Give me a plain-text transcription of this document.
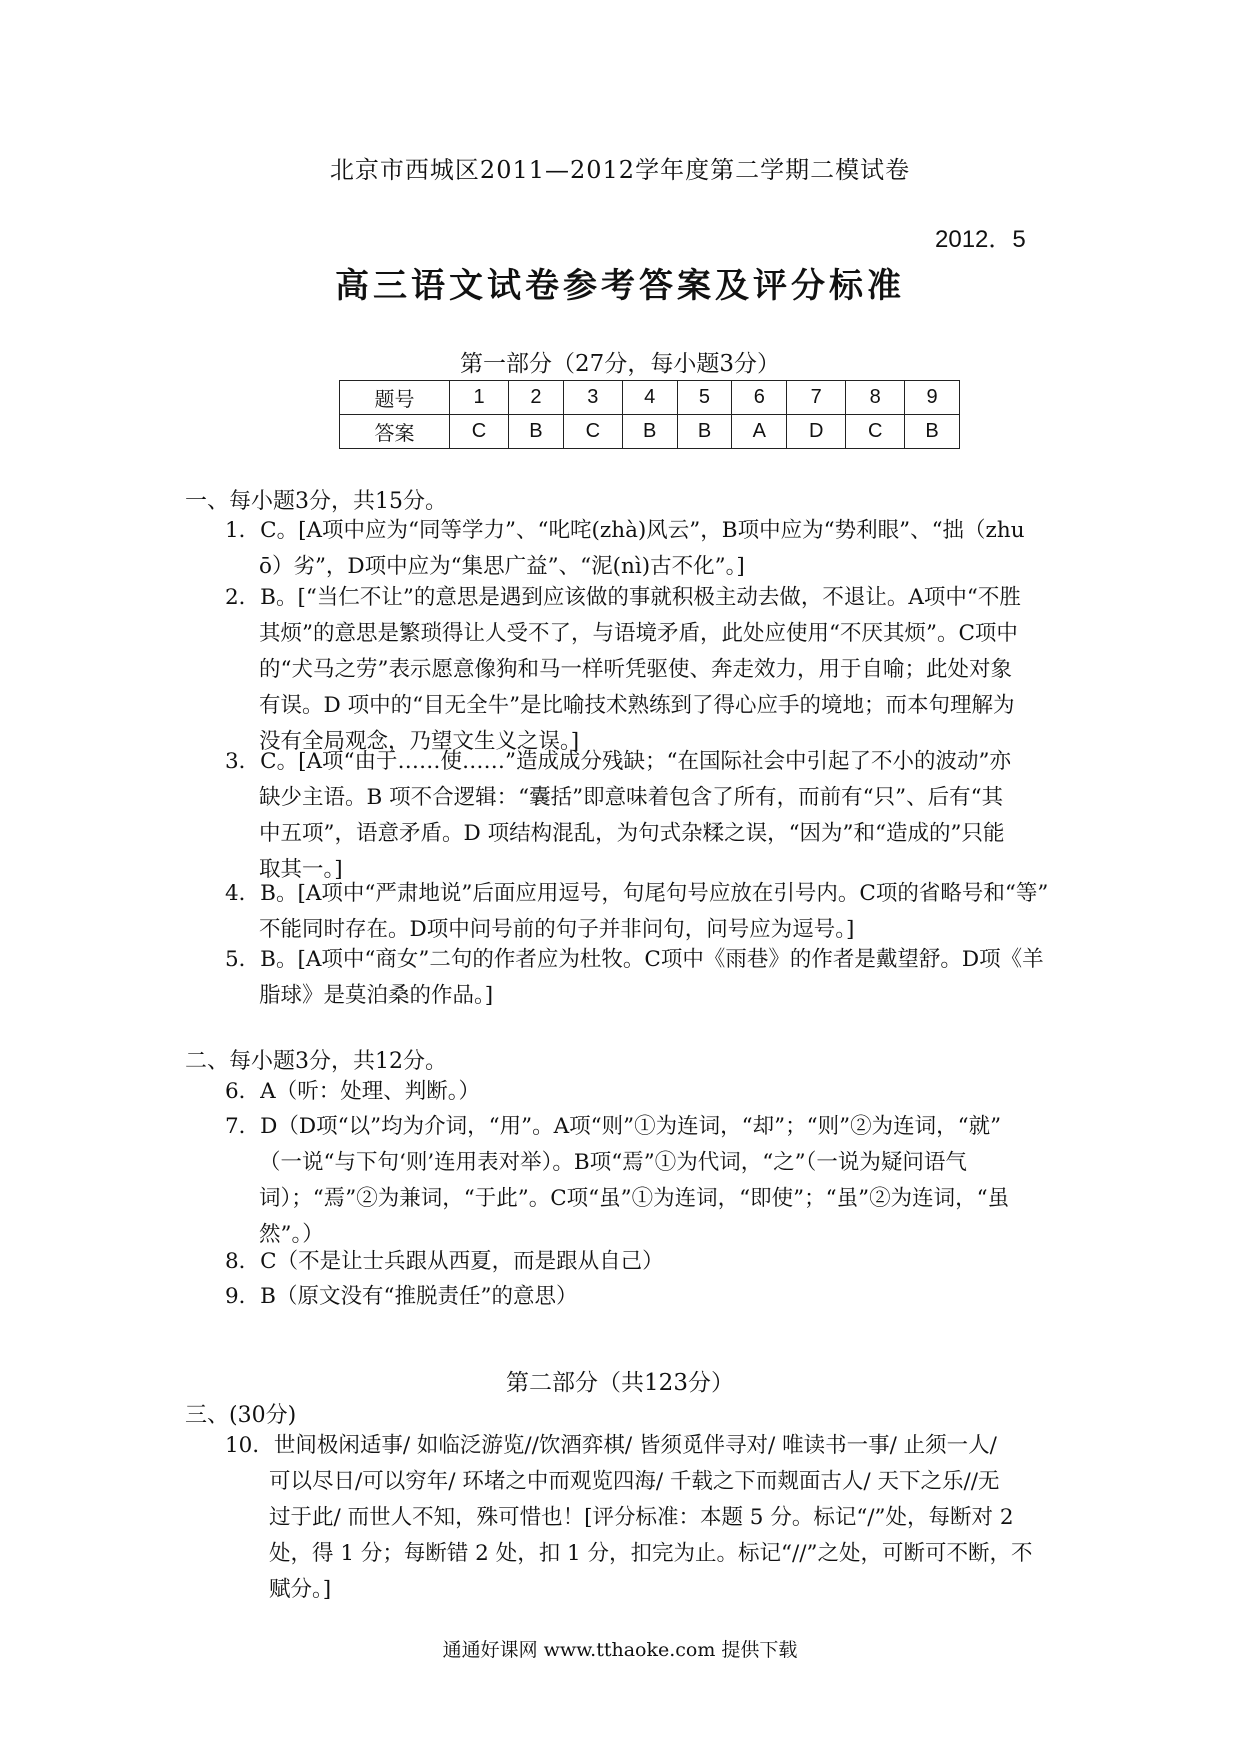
北京市西城区2011—2012学年度第二学期二模试卷
2012．5
高三语文试卷参考答案及评分标准
第一部分（27分，每小题3分）
题号	1	2	3	4	5	6	7	8	9
答案	C	B	C	B	B	A	D	C	B
一、每小题3分，共15分。
1．C。[A项中应为“同等学力”、“叱咤(zhà)风云”，B项中应为“势利眼”、“拙（zhu
ō）劣”，D项中应为“集思广益”、“泥(nì)古不化”。]
2．B。[“当仁不让”的意思是遇到应该做的事就积极主动去做，不退让。A项中“不胜
其烦”的意思是繁琐得让人受不了，与语境矛盾，此处应使用“不厌其烦”。C项中
的“犬马之劳”表示愿意像狗和马一样听凭驱使、奔走效力，用于自喻；此处对象
有误。D 项中的“目无全牛”是比喻技术熟练到了得心应手的境地；而本句理解为
没有全局观念，乃望文生义之误。]
3．C。[A项“由于……使……”造成成分残缺；“在国际社会中引起了不小的波动”亦
缺少主语。B 项不合逻辑：“囊括”即意味着包含了所有，而前有“只”、后有“其
中五项”，语意矛盾。D 项结构混乱，为句式杂糅之误，“因为”和“造成的”只能
取其一。]
4．B。[A项中“严肃地说”后面应用逗号，句尾句号应放在引号内。C项的省略号和“等”
不能同时存在。D项中问号前的句子并非问句，问号应为逗号。]
5．B。[A项中“商女”二句的作者应为杜牧。C项中《雨巷》的作者是戴望舒。D项《羊
脂球》是莫泊桑的作品。]
二、每小题3分，共12分。
6．A（听：处理、判断。）
7．D（D项“以”均为介词，“用”。A项“则”①为连词，“却”；“则”②为连词，“就”
（一说“与下句‘则’连用表对举）。B项“焉”①为代词，“之”（一说为疑问语气
词）；“焉”②为兼词，“于此”。C项“虽”①为连词，“即使”；“虽”②为连词，“虽
然”。）
8．C（不是让士兵跟从西夏，而是跟从自己）
9．B（原文没有“推脱责任”的意思）
第二部分（共123分）
三、(30分)
10．世间极闲适事/ 如临泛游览//饮酒弈棋/ 皆须觅伴寻对/ 唯读书一事/ 止须一人/
可以尽日/可以穷年/ 环堵之中而观览四海/ 千载之下而觌面古人/ 天下之乐//无
过于此/ 而世人不知，殊可惜也！[评分标准：本题 5 分。标记“/”处，每断对 2
处，得 1 分；每断错 2 处，扣 1 分，扣完为止。标记“//”之处，可断可不断，不
赋分。]
通通好课网 www.tthaoke.com 提供下载
